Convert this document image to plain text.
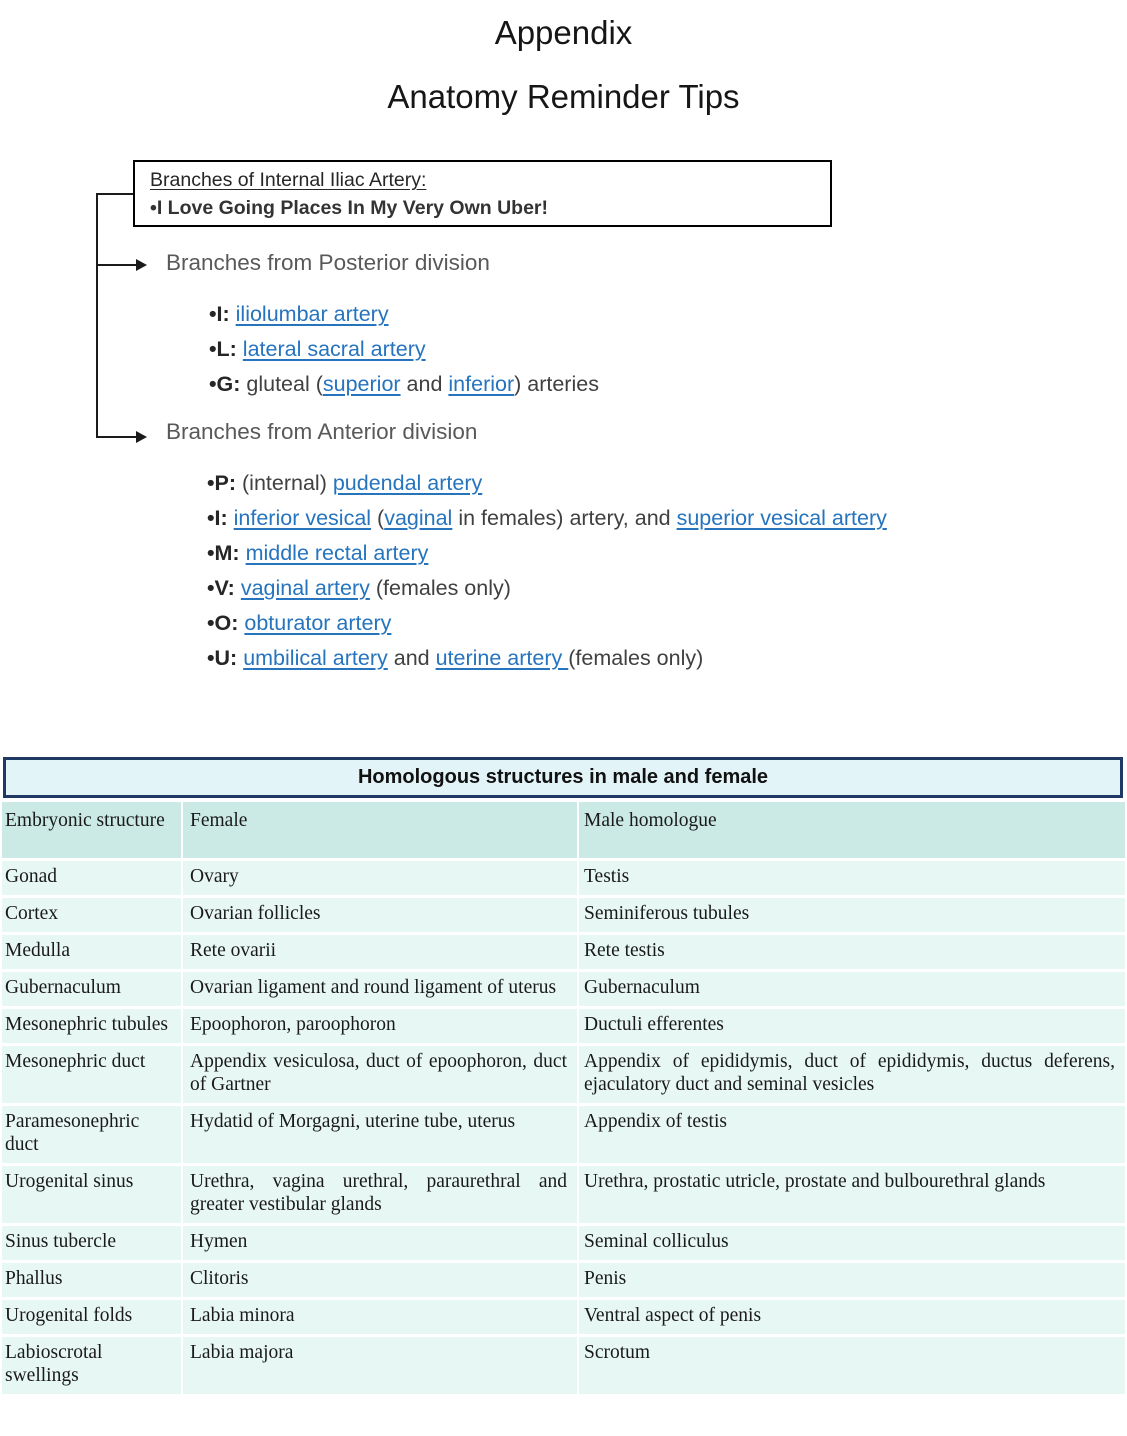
Appendix
Anatomy Reminder Tips
Branches of Internal Iliac Artery:
•I Love Going Places In My Very Own Uber!
Branches from Posterior division

•I: iliolumbar artery

•L: lateral sacral artery

•G: gluteal (superior and inferior) arteries

Branches from Anterior division

•P: (internal) pudendal artery

•I: inferior vesical (vaginal in females) artery, and superior vesical artery

•M: middle rectal artery

•V: vaginal artery (females only)

•O: obturator artery

•U: umbilical artery and uterine artery (females only)

Homologous structures in male and female
Embryonic structure	Female	Male homologue
Gonad	Ovary	Testis
Cortex	Ovarian follicles	Seminiferous tubules
Medulla	Rete ovarii	Rete testis
Gubernaculum	Ovarian ligament and round ligament of uterus	Gubernaculum
Mesonephric tubules	Epoophoron, paroophoron	Ductuli efferentes
Mesonephric duct	Appendix vesiculosa, duct of epoophoron, duct of Gartner	Appendix of epididymis, duct of epididymis, ductus deferens, ejaculatory duct and seminal vesicles
Paramesonephric duct	Hydatid of Morgagni, uterine tube, uterus	Appendix of testis
Urogenital sinus	Urethra, vagina urethral, paraurethral and greater vestibular glands	Urethra, prostatic utricle, prostate and bulbourethral glands
Sinus tubercle	Hymen	Seminal colliculus
Phallus	Clitoris	Penis
Urogenital folds	Labia minora	Ventral aspect of penis
Labioscrotal swellings	Labia majora	Scrotum
